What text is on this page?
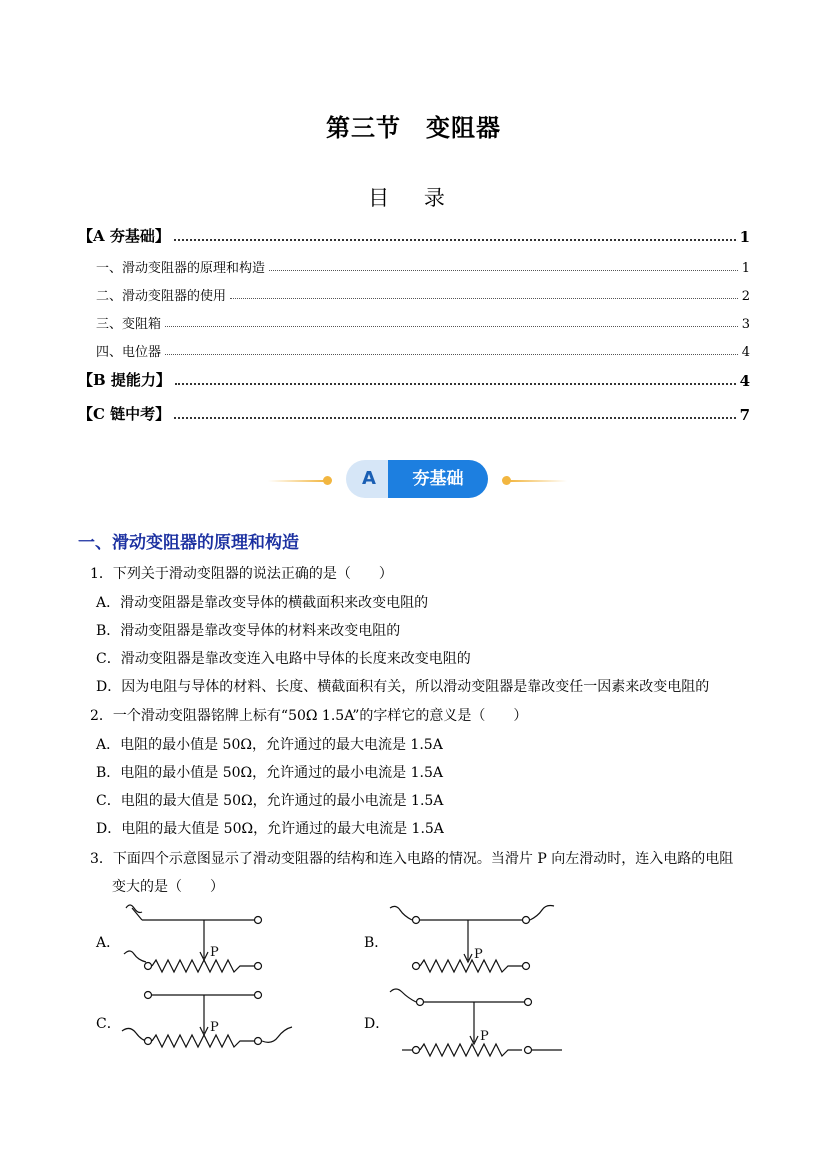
第三节　变阻器
目 录
【A 夯基础】	1
一、滑动变阻器的原理和构造	1
二、滑动变阻器的使用	2
三、变阻箱	3
四、电位器	4
【B 提能力】	4
【C 链中考】	7
A	夯基础
一、滑动变阻器的原理和构造
1．下列关于滑动变阻器的说法正确的是（　　）
A．滑动变阻器是靠改变导体的横截面积来改变电阻的
B．滑动变阻器是靠改变导体的材料来改变电阻的
C．滑动变阻器是靠改变连入电路中导体的长度来改变电阻的
D．因为电阻与导体的材料、长度、横截面积有关，所以滑动变阻器是靠改变任一因素来改变电阻的
2．一个滑动变阻器铭牌上标有“50Ω 1.5A”的字样它的意义是（　　）
A．电阻的最小值是 50Ω，允许通过的最大电流是 1.5A
B．电阻的最小值是 50Ω，允许通过的最小电流是 1.5A
C．电阻的最大值是 50Ω，允许通过的最小电流是 1.5A
D．电阻的最大值是 50Ω，允许通过的最大电流是 1.5A
3．下面四个示意图显示了滑动变阻器的结构和连入电路的情况。当滑片 P 向左滑动时，连入电路的电阻
变大的是（　　）
A．
P
B．
P
C．	P	D．
P
